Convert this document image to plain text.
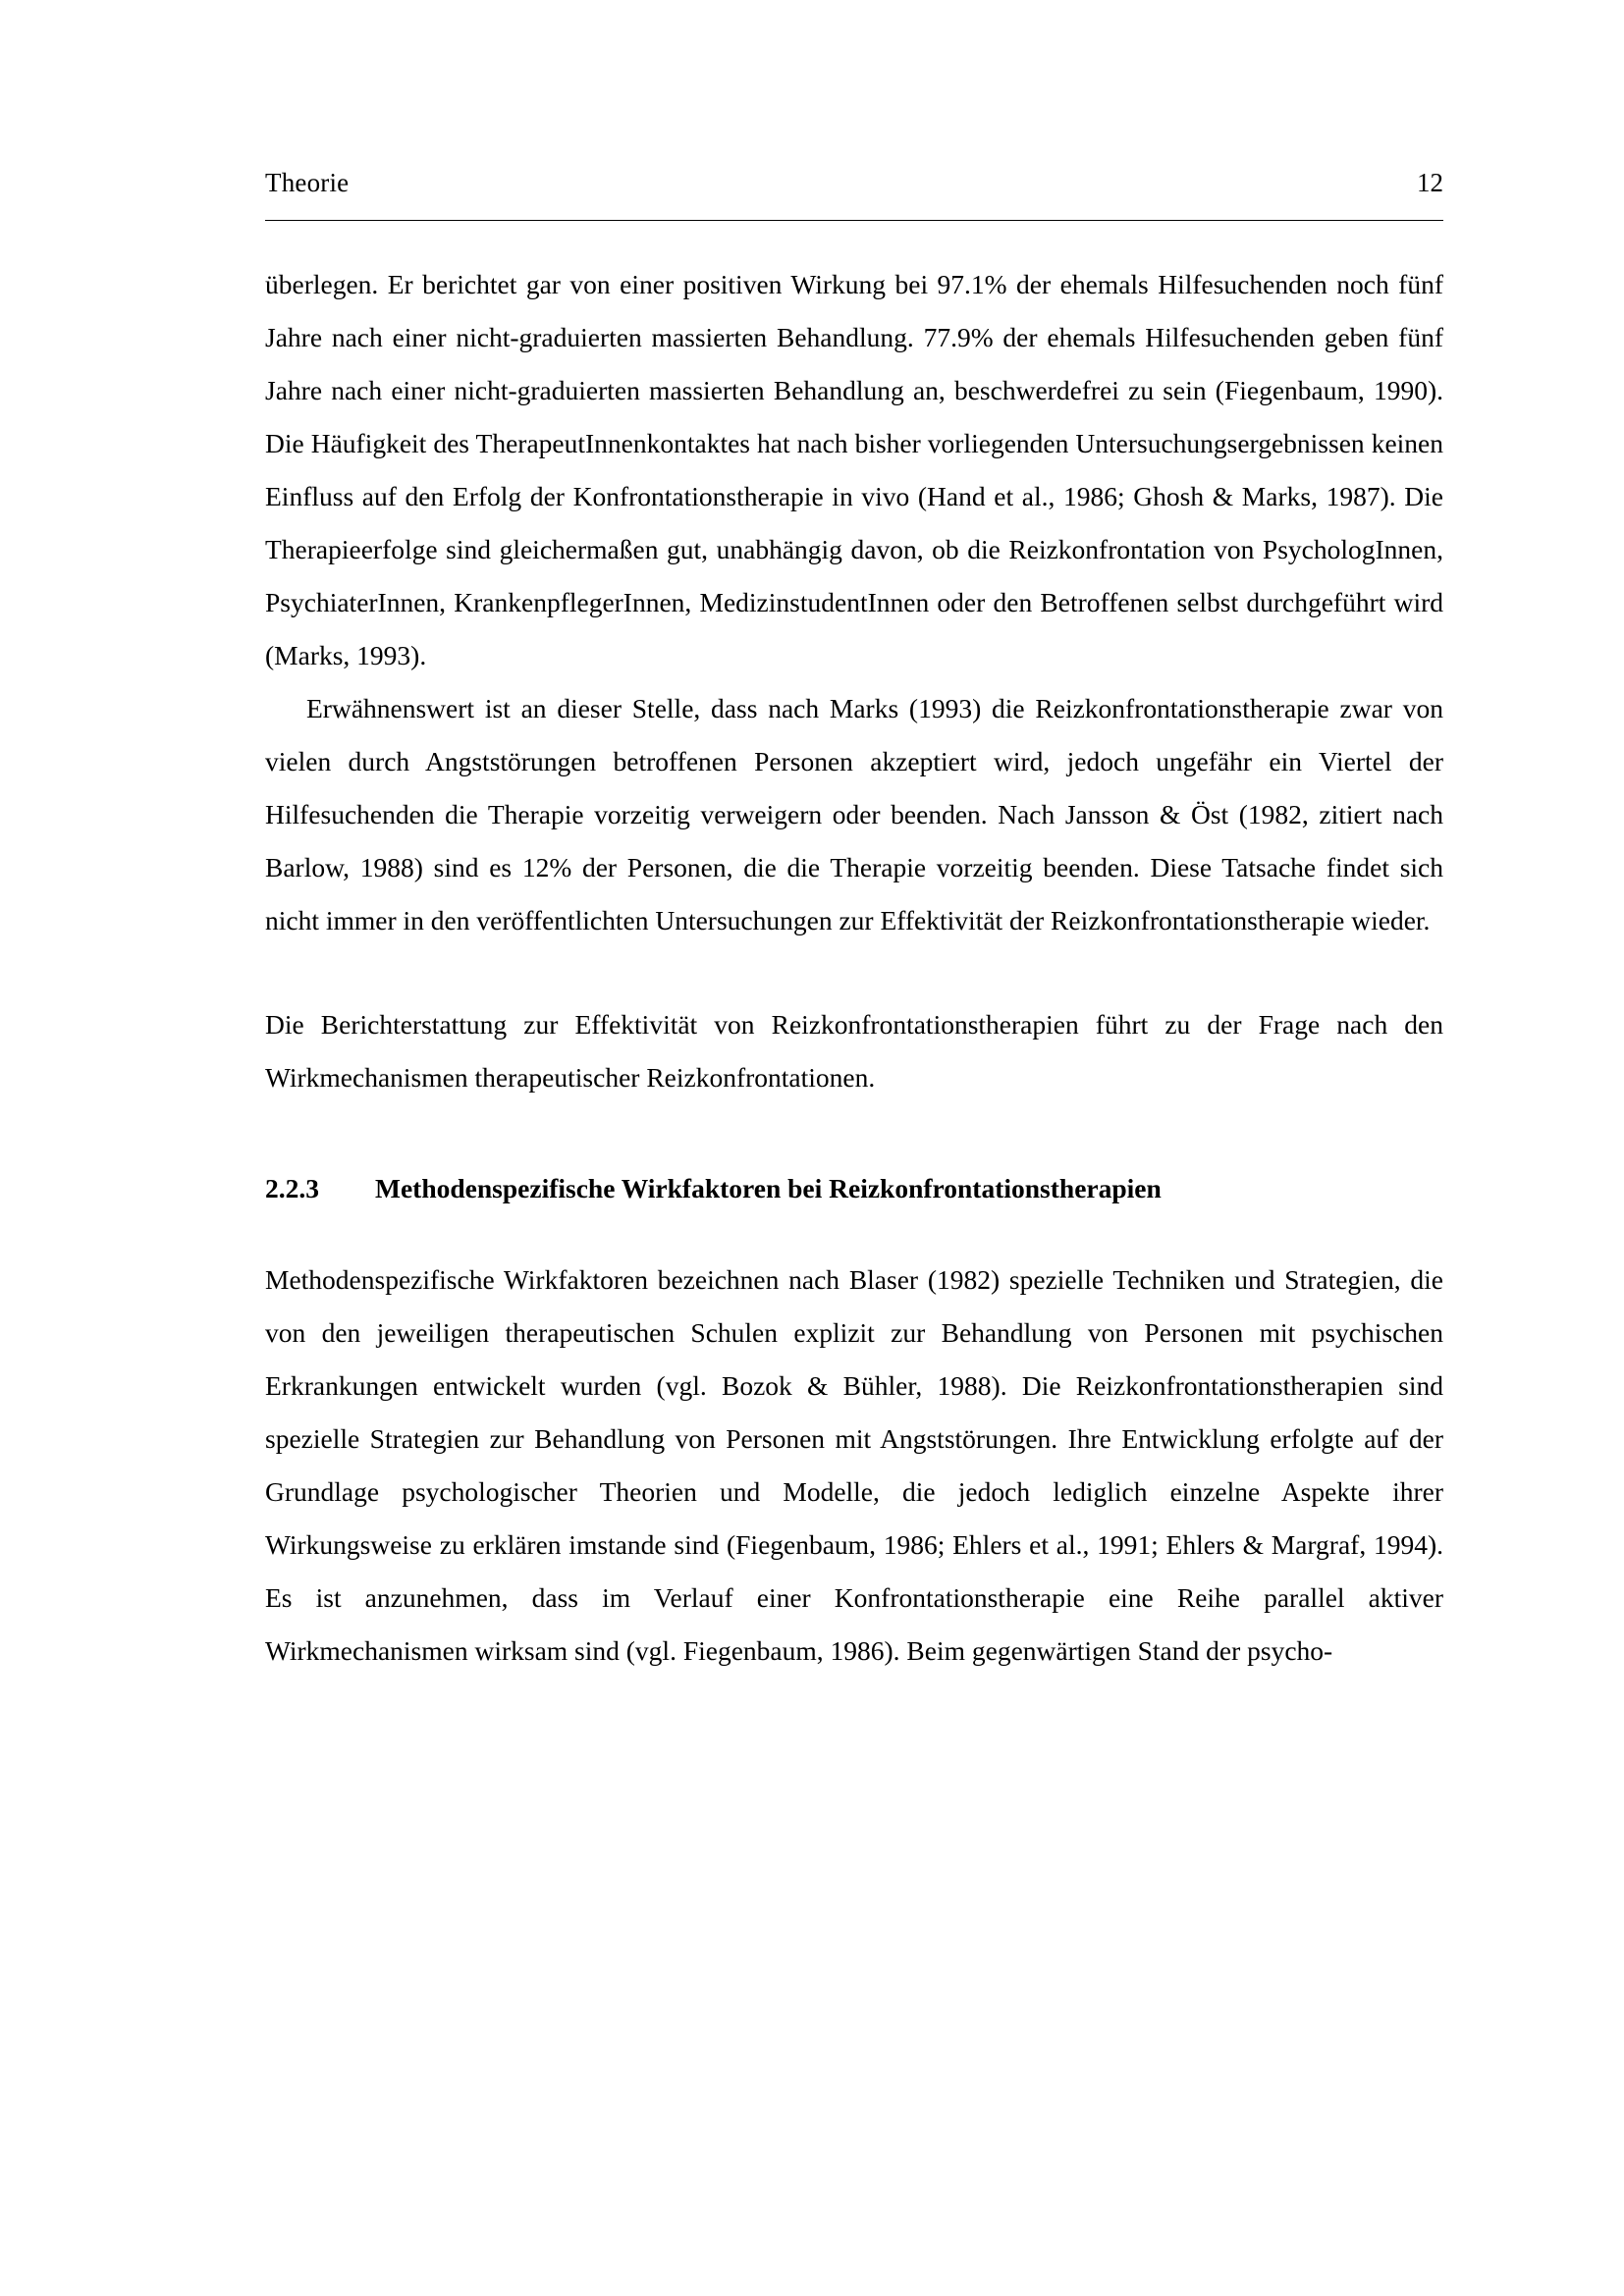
Theorie	12

überlegen. Er berichtet gar von einer positiven Wirkung bei 97.1% der ehemals Hilfesuchenden noch fünf Jahre nach einer nicht-graduierten massierten Behandlung. 77.9% der ehemals Hilfesuchenden geben fünf Jahre nach einer nicht-graduierten massierten Behandlung an, beschwerdefrei zu sein (Fiegenbaum, 1990). Die Häufigkeit des TherapeutInnenkontaktes hat nach bisher vorliegenden Untersuchungsergebnissen keinen Einfluss auf den Erfolg der Konfrontationstherapie in vivo (Hand et al., 1986; Ghosh & Marks, 1987). Die Therapieerfolge sind gleichermaßen gut, unabhängig davon, ob die Reizkonfrontation von PsychologInnen, PsychiaterInnen, KrankenpflegerInnen, MedizinstudentInnen oder den Betroffenen selbst durchgeführt wird (Marks, 1993).

Erwähnenswert ist an dieser Stelle, dass nach Marks (1993) die Reizkonfrontationstherapie zwar von vielen durch Angststörungen betroffenen Personen akzeptiert wird, jedoch ungefähr ein Viertel der Hilfesuchenden die Therapie vorzeitig verweigern oder beenden. Nach Jansson & Öst (1982, zitiert nach Barlow, 1988) sind es 12% der Personen, die die Therapie vorzeitig beenden. Diese Tatsache findet sich nicht immer in den veröffentlichten Untersuchungen zur Effektivität der Reizkonfrontationstherapie wieder.

Die Berichterstattung zur Effektivität von Reizkonfrontationstherapien führt zu der Frage nach den Wirkmechanismen therapeutischer Reizkonfrontationen.

2.2.3	Methodenspezifische Wirkfaktoren bei Reizkonfrontationstherapien

Methodenspezifische Wirkfaktoren bezeichnen nach Blaser (1982) spezielle Techniken und Strategien, die von den jeweiligen therapeutischen Schulen explizit zur Behandlung von Personen mit psychischen Erkrankungen entwickelt wurden (vgl. Bozok & Bühler, 1988). Die Reizkonfrontationstherapien sind spezielle Strategien zur Behandlung von Personen mit Angststörungen. Ihre Entwicklung erfolgte auf der Grundlage psychologischer Theorien und Modelle, die jedoch lediglich einzelne Aspekte ihrer Wirkungsweise zu erklären imstande sind (Fiegenbaum, 1986; Ehlers et al., 1991; Ehlers & Margraf, 1994). Es ist anzunehmen, dass im Verlauf einer Konfrontationstherapie eine Reihe parallel aktiver Wirkmechanismen wirksam sind (vgl. Fiegenbaum, 1986). Beim gegenwärtigen Stand der psycho-
